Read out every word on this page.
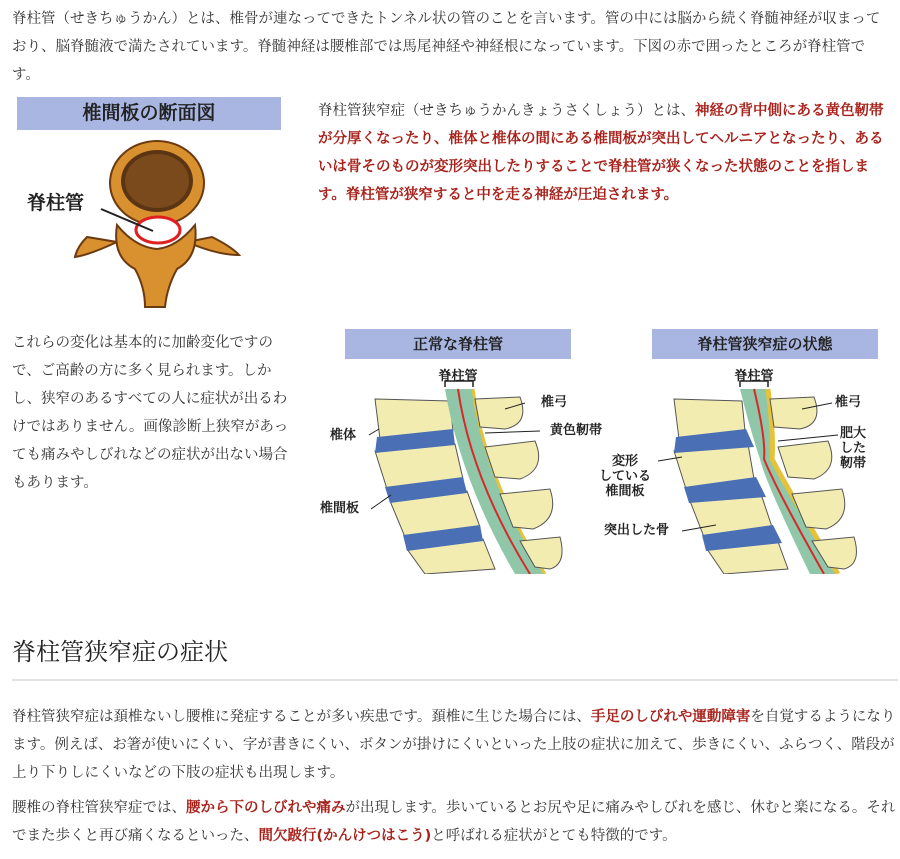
脊柱管（せきちゅうかん）とは、椎骨が連なってできたトンネル状の管のことを言います。管の中には脳から続く脊髄神経が収まっており、脳脊髄液で満たされています。脊髄神経は腰椎部では馬尾神経や神経根になっています。下図の赤で囲ったところが脊柱管です。

椎間板の断面図
脊柱管

脊柱管狭窄症（せきちゅうかんきょうさくしょう）とは、神経の背中側にある黄色靭帯が分厚くなったり、椎体と椎体の間にある椎間板が突出してヘルニアとなったり、あるいは骨そのものが変形突出したりすることで脊柱管が狭くなった状態のことを指します。脊柱管が狭窄すると中を走る神経が圧迫されます。

これらの変化は基本的に加齢変化ですので、ご高齢の方に多く見られます。しかし、狭窄のあるすべての人に症状が出るわけではありません。画像診断上狭窄があっても痛みやしびれなどの症状が出ない場合もあります。

正常な脊柱管
脊柱管
椎弓
椎体	黄色靭帯
椎間板
脊柱管狭窄症の状態
脊柱管
椎弓
肥大した
靭帯
変形
している
椎間板
突出した骨
脊柱管狭窄症の症状

脊柱管狭窄症は頚椎ないし腰椎に発症することが多い疾患です。頚椎に生じた場合には、手足のしびれや運動障害を自覚するようになります。例えば、お箸が使いにくい、字が書きにくい、ボタンが掛けにくいといった上肢の症状に加えて、歩きにくい、ふらつく、階段が上り下りしにくいなどの下肢の症状も出現します。

腰椎の脊柱管狭窄症では、腰から下のしびれや痛みが出現します。歩いているとお尻や足に痛みやしびれを感じ、休むと楽になる。それでまた歩くと再び痛くなるといった、間欠跛行(かんけつはこう)と呼ばれる症状がとても特徴的です。
